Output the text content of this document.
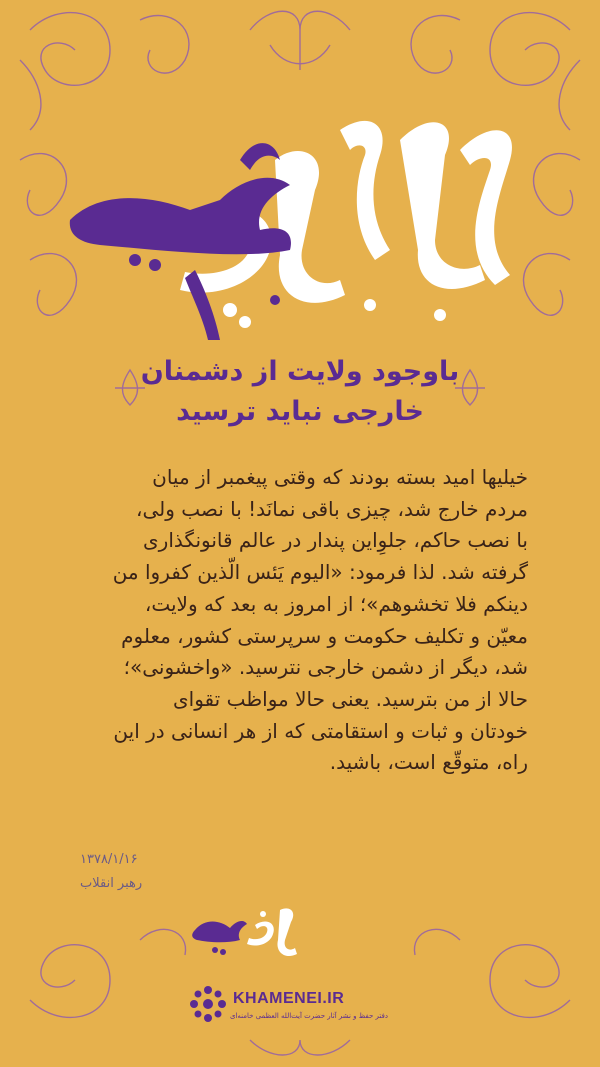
باوجود ولایت از دشمنان
خارجی نباید ترسید
خیلیها امید بسته بودند که وقتی پیغمبر از میان
مردم خارج شد، چیزی باقی نمانَد! با نصب ولی،
با نصب حاکم، جلوِاین پندار در عالم قانونگذاری
گرفته شد. لذا فرمود: «الیوم یَئس الّذین کفروا من
دینکم فلا تخشوهم»؛ از امروز به بعد که ولایت،
معیّن و تکلیف حکومت و سرپرستی کشور، معلوم
شد، دیگر از دشمن خارجی نترسید. «واخشونی»؛
حالا از من بترسید. یعنی حالا مواظب تقوای
خودتان و ثبات و استقامتی که از هر انسانی در این
راه، متوقّع است، باشید.
۱۳۷۸/۱/۱۶
رهبر انقلاب
KHAMENEI.IR
دفتر حفظ و نشر آثار حضرت آیت‌الله العظمی خامنه‌ای
